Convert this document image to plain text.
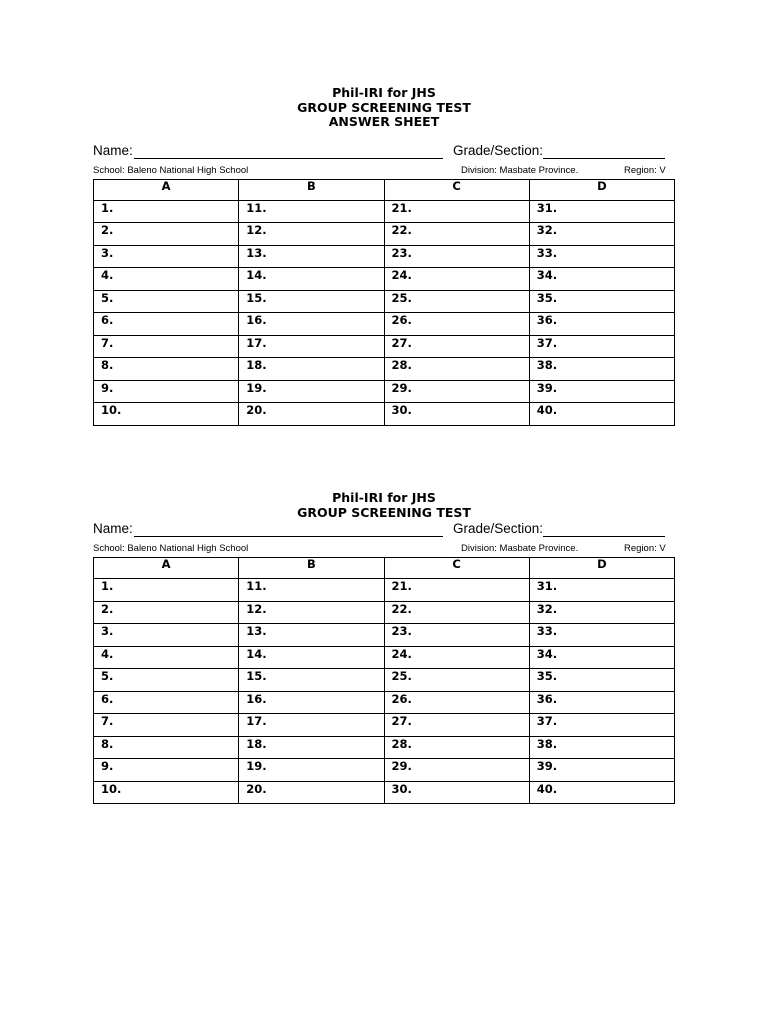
Phil-IRI for JHS

GROUP SCREENING TEST

ANSWER SHEET

Name:	Grade/Section:
School: Baleno National High School	Division: Masbate Province.	Region: V
A	B	C	D
1.	11.	21.	31.
2.	12.	22.	32.
3.	13.	23.	33.
4.	14.	24.	34.
5.	15.	25.	35.
6.	16.	26.	36.
7.	17.	27.	37.
8.	18.	28.	38.
9.	19.	29.	39.
10.	20.	30.	40.

Phil-IRI for JHS

GROUP SCREENING TEST

Name:	Grade/Section:
School: Baleno National High School	Division: Masbate Province.	Region: V
A	B	C	D
1.	11.	21.	31.
2.	12.	22.	32.
3.	13.	23.	33.
4.	14.	24.	34.
5.	15.	25.	35.
6.	16.	26.	36.
7.	17.	27.	37.
8.	18.	28.	38.
9.	19.	29.	39.
10.	20.	30.	40.
